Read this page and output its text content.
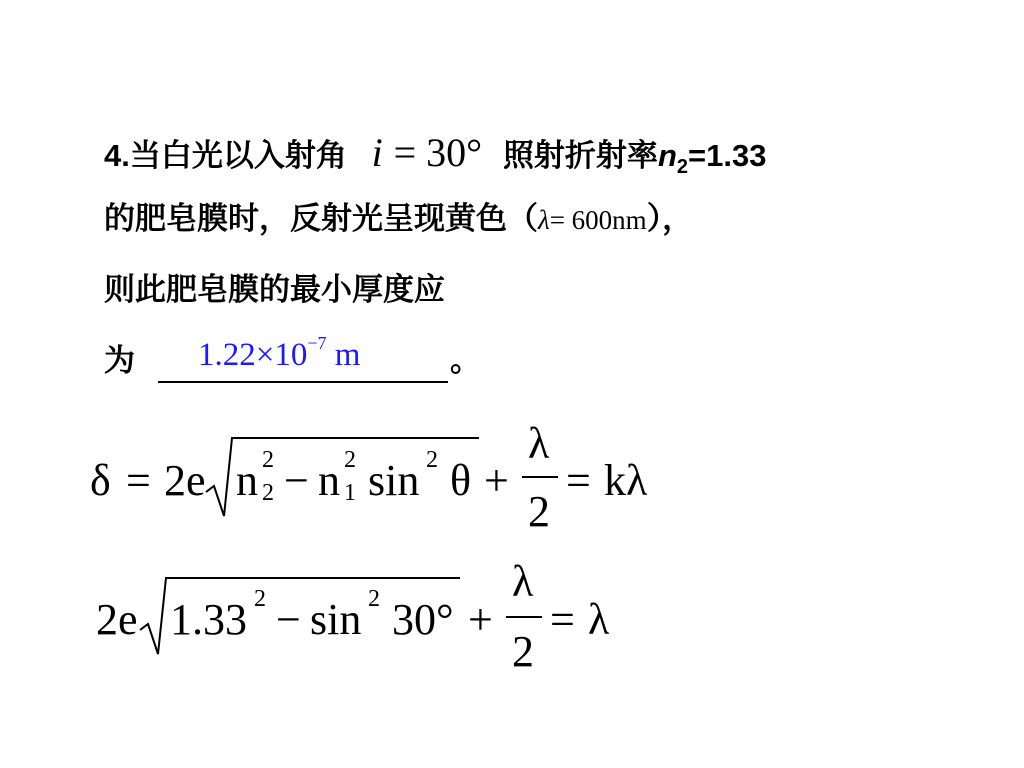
4.当白光以入射角 i = 30° 照射折射率$n_2=1.33$
的肥皂膜时，反射光呈现黄色（λ= 600nm），
则此肥皂膜的最小厚度应
为	。
$1.22\times 10^{-7}$ m
δ = 2 e n 2
2 − n 2
1 sin 2 θ +
λ
2
= k λ
2 e 1.33 2 − sin 2 30° +
λ
2
= λ
